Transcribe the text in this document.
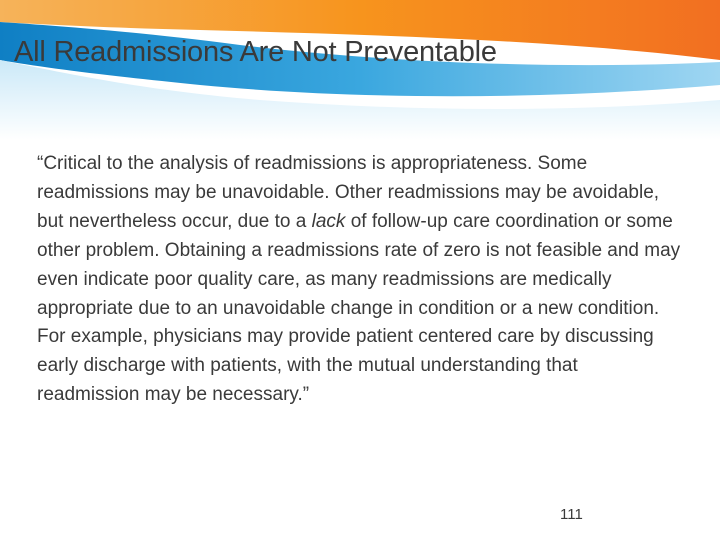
All Readmissions Are Not Preventable

“Critical to the analysis of readmissions is appropriateness. Some readmissions may be unavoidable. Other readmissions may be avoidable, but nevertheless occur, due to a lack of follow-up care coordination or some other problem. Obtaining a readmissions rate of zero is not feasible and may even indicate poor quality care, as many readmissions are medically appropriate due to an unavoidable change in condition or a new condition. For example, physicians may provide patient centered care by discussing early discharge with patients, with the mutual understanding that readmission may be necessary.”

111
